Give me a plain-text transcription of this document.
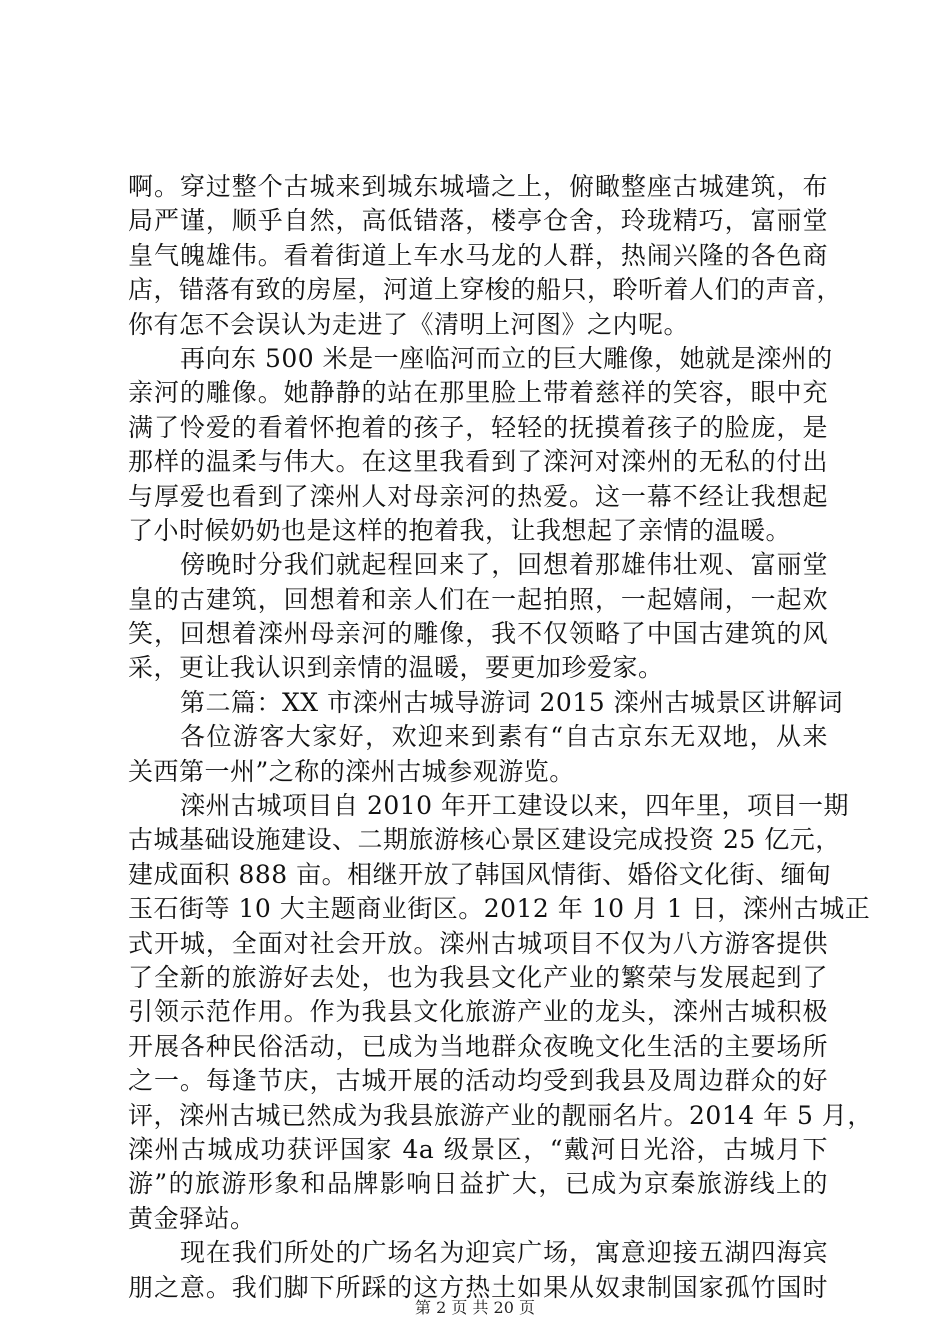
啊。穿过整个古城来到城东城墙之上，俯瞰整座古城建筑，布
局严谨，顺乎自然，高低错落，楼亭仓舍，玲珑精巧，富丽堂
皇气魄雄伟。看着街道上车水马龙的人群，热闹兴隆的各色商
店，错落有致的房屋，河道上穿梭的船只，聆听着人们的声音，
你有怎不会误认为走进了《清明上河图》之内呢。
再向东 500 米是一座临河而立的巨大雕像，她就是滦州的
亲河的雕像。她静静的站在那里脸上带着慈祥的笑容，眼中充
满了怜爱的看着怀抱着的孩子，轻轻的抚摸着孩子的脸庞，是
那样的温柔与伟大。在这里我看到了滦河对滦州的无私的付出
与厚爱也看到了滦州人对母亲河的热爱。这一幕不经让我想起
了小时候奶奶也是这样的抱着我，让我想起了亲情的温暖。
傍晚时分我们就起程回来了，回想着那雄伟壮观、富丽堂
皇的古建筑，回想着和亲人们在一起拍照，一起嬉闹，一起欢
笑，回想着滦州母亲河的雕像，我不仅领略了中国古建筑的风
采，更让我认识到亲情的温暖，要更加珍爱家。
第二篇：XX 市滦州古城导游词 2015 滦州古城景区讲解词
各位游客大家好，欢迎来到素有“自古京东无双地，从来
关西第一州”之称的滦州古城参观游览。
滦州古城项目自 2010 年开工建设以来，四年里，项目一期
古城基础设施建设、二期旅游核心景区建设完成投资 25 亿元，
建成面积 888 亩。相继开放了韩国风情街、婚俗文化街、缅甸
玉石街等 10 大主题商业街区。2012 年 10 月 1 日，滦州古城正
式开城，全面对社会开放。滦州古城项目不仅为八方游客提供
了全新的旅游好去处，也为我县文化产业的繁荣与发展起到了
引领示范作用。作为我县文化旅游产业的龙头，滦州古城积极
开展各种民俗活动，已成为当地群众夜晚文化生活的主要场所
之一。每逢节庆，古城开展的活动均受到我县及周边群众的好
评，滦州古城已然成为我县旅游产业的靓丽名片。2014 年 5 月，
滦州古城成功获评国家 4a 级景区，“戴河日光浴，古城月下
游”的旅游形象和品牌影响日益扩大，已成为京秦旅游线上的
黄金驿站。
现在我们所处的广场名为迎宾广场，寓意迎接五湖四海宾
朋之意。我们脚下所踩的这方热土如果从奴隶制国家孤竹国时
第 2 页 共 20 页
